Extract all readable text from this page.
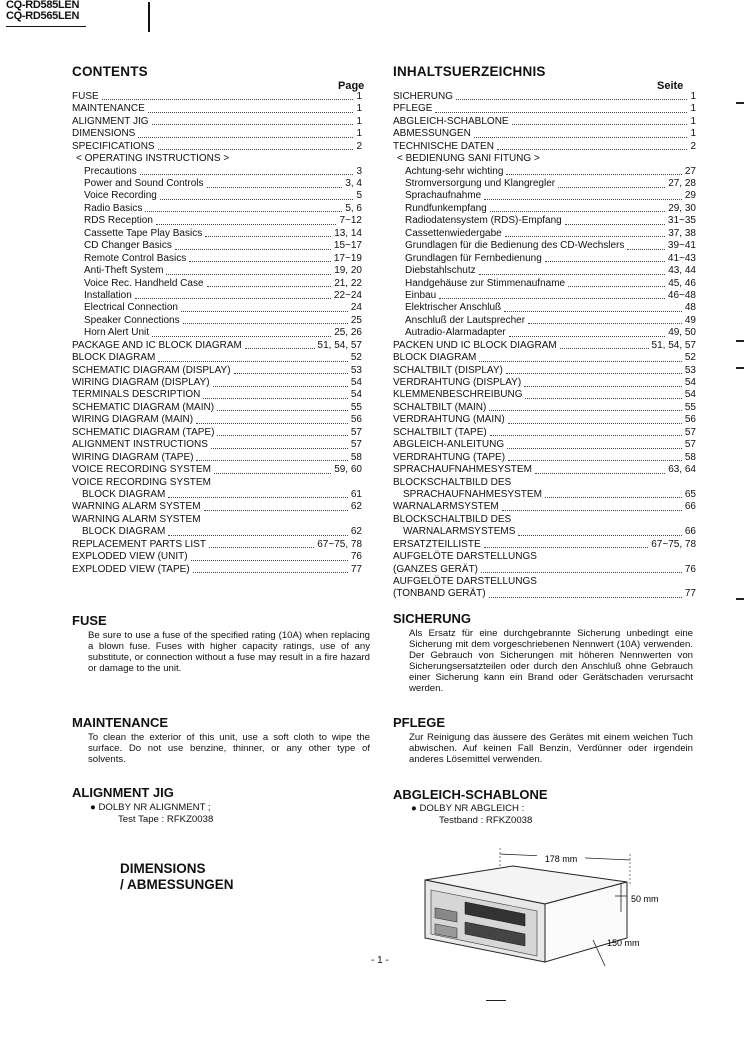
CQ-RD585LEN
CQ-RD565LEN
CONTENTS
Page
FUSE	1
MAINTENANCE	1
ALIGNMENT JIG	1
DIMENSIONS	1
SPECIFICATIONS	2
< OPERATING INSTRUCTIONS >
Precautions	3
Power and Sound Controls	3, 4
Voice Recording	5
Radio Basics	5, 6
RDS Reception	7~12
Cassette Tape Play Basics	13, 14
CD Changer Basics	15~17
Remote Control Basics	17~19
Anti-Theft System	19, 20
Voice Rec. Handheld Case	21, 22
Installation	22~24
Electrical Connection	24
Speaker Connections	25
Horn Alert Unit	25, 26
PACKAGE AND IC BLOCK DIAGRAM	51, 54, 57
BLOCK DIAGRAM	52
SCHEMATIC DIAGRAM (DISPLAY)	53
WIRING DIAGRAM (DISPLAY)	54
TERMINALS DESCRIPTION	54
SCHEMATIC DIAGRAM (MAIN)	55
WIRING DIAGRAM (MAIN)	56
SCHEMATIC DIAGRAM (TAPE)	57
ALIGNMENT INSTRUCTIONS	57
WIRING DIAGRAM (TAPE)	58
VOICE RECORDING SYSTEM	59, 60
VOICE RECORDING SYSTEM
BLOCK DIAGRAM	61
WARNING ALARM SYSTEM	62
WARNING ALARM SYSTEM
BLOCK DIAGRAM	62
REPLACEMENT PARTS LIST	67~75, 78
EXPLODED VIEW (UNIT)	76
EXPLODED VIEW (TAPE)	77
INHALTSUERZEICHNIS
Seite
SICHERUNG	1
PFLEGE	1
ABGLEICH-SCHABLONE	1
ABMESSUNGEN	1
TECHNISCHE DATEN	2
< BEDIENUNG SANI FITUNG >
Achtung-sehr wichting	27
Stromversorgung und Klangregler	27, 28
Sprachaufnahme	29
Rundfunkempfang	29, 30
Radiodatensystem (RDS)-Empfang	31~35
Cassettenwiedergabe	37, 38
Grundlagen für die Bedienung des CD-Wechslers	39~41
Grundlagen für Fernbedienung	41~43
Diebstahlschutz	43, 44
Handgehäuse zur Stimmenaufname	45, 46
Einbau	46~48
Elektrischer Anschluß	48
Anschluß der Lautsprecher	49
Autradio-Alarmadapter	49, 50
PACKEN UND IC BLOCK DIAGRAM	51, 54, 57
BLOCK DIAGRAM	52
SCHALTBILT (DISPLAY)	53
VERDRAHTUNG (DISPLAY)	54
KLEMMENBESCHREIBUNG	54
SCHALTBILT (MAIN)	55
VERDRAHTUNG (MAIN)	56
SCHALTBILT (TAPE)	57
ABGLEICH-ANLEITUNG	57
VERDRAHTUNG (TAPE)	58
SPRACHAUFNAHMESYSTEM	63, 64
BLOCKSCHALTBILD DES
SPRACHAUFNAHMESYSTEM	65
WARNALARMSYSTEM	66
BLOCKSCHALTBILD DES
WARNALARMSYSTEMS	66
ERSATZTEILLISTE	67~75, 78
AUFGELÖTE DARSTELLUNGS
(GANZES GERÄT)	76
AUFGELÖTE DARSTELLUNGS
(TONBAND GERÄT)	77
FUSE
Be sure to use a fuse of the specified rating (10A) when replacing a blown fuse. Fuses with higher capacity ratings, use of any substitute, or connection without a fuse may result in a fire hazard or damage to the unit.
SICHERUNG
Als Ersatz für eine durchgebrannte Sicherung unbedingt eine Sicherung mit dem vorgeschriebenen Nennwert (10A) verwenden. Der Gebrauch von Sicherungen mit höheren Nennwerten von Sicherungsersatzteilen oder durch den Anschluß ohne Gebrauch einer Sicherung kann ein Brand oder Gerätschaden verursacht werden.
MAINTENANCE
To clean the exterior of this unit, use a soft cloth to wipe the surface. Do not use benzine, thinner, or any other type of solvents.
PFLEGE
Zur Reinigung das äussere des Gerätes mit einem weichen Tuch abwischen. Auf keinen Fall Benzin, Verdünner oder irgendein anderes Lösemittel verwenden.
ALIGNMENT JIG
● DOLBY NR ALIGNMENT ;
Test Tape : RFKZ0038
ABGLEICH-SCHABLONE
● DOLBY NR ABGLEICH :
Testband : RFKZ0038
DIMENSIONS
/ ABMESSUNGEN
178 mm
50 mm
150 mm
- 1 -
